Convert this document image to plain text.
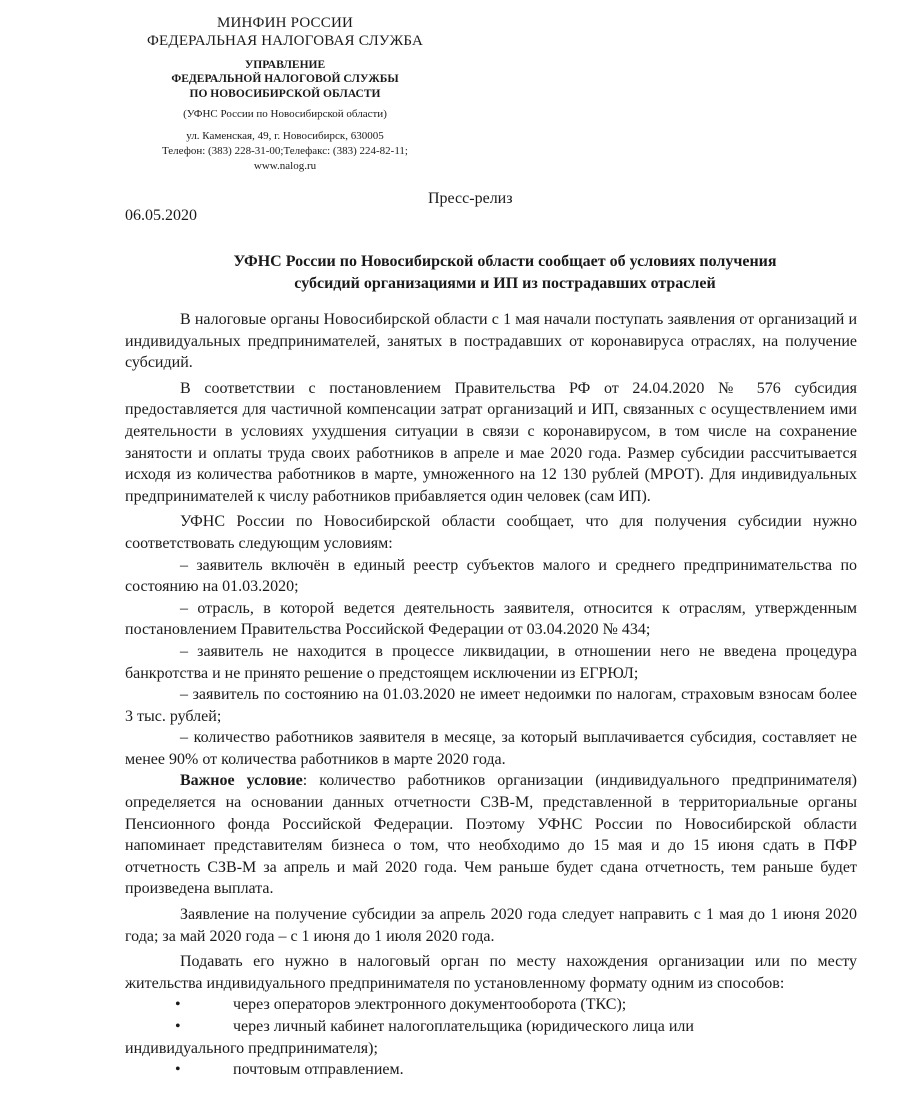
МИНФИН РОССИИ
ФЕДЕРАЛЬНАЯ НАЛОГОВАЯ СЛУЖБА
УПРАВЛЕНИЕ
ФЕДЕРАЛЬНОЙ НАЛОГОВОЙ СЛУЖБЫ
ПО НОВОСИБИРСКОЙ ОБЛАСТИ
(УФНС России по Новосибирской области)
ул. Каменская, 49, г. Новосибирск, 630005
Телефон: (383) 228-31-00;Телефакс: (383) 224-82-11;
www.nalog.ru
Пресс-релиз
06.05.2020
УФНС России по Новосибирской области сообщает об условиях получения
субсидий организациями и ИП из пострадавших отраслей

В налоговые органы Новосибирской области с 1 мая начали поступать заявления от организаций и индивидуальных предпринимателей, занятых в пострадавших от коронавируса отраслях, на получение субсидий.

В соответствии с постановлением Правительства РФ от 24.04.2020 № 576 субсидия предоставляется для частичной компенсации затрат организаций и ИП, связанных с осуществлением ими деятельности в условиях ухудшения ситуации в связи с коронавирусом, в том числе на сохранение занятости и оплаты труда своих работников в апреле и мае 2020 года. Размер субсидии рассчитывается исходя из количества работников в марте, умноженного на 12 130 рублей (МРОТ). Для индивидуальных предпринимателей к числу работников прибавляется один человек (сам ИП).

УФНС России по Новосибирской области сообщает, что для получения субсидии нужно соответствовать следующим условиям:

– заявитель включён в единый реестр субъектов малого и среднего предпринимательства по состоянию на 01.03.2020;

– отрасль, в которой ведется деятельность заявителя, относится к отраслям, утвержденным постановлением Правительства Российской Федерации от 03.04.2020 № 434;

– заявитель не находится в процессе ликвидации, в отношении него не введена процедура банкротства и не принято решение о предстоящем исключении из ЕГРЮЛ;

– заявитель по состоянию на 01.03.2020 не имеет недоимки по налогам, страховым взносам более 3 тыс. рублей;

– количество работников заявителя в месяце, за который выплачивается субсидия, составляет не менее 90% от количества работников в марте 2020 года.

Важное условие: количество работников организации (индивидуального предпринимателя) определяется на основании данных отчетности СЗВ-М, представленной в территориальные органы Пенсионного фонда Российской Федерации. Поэтому УФНС России по Новосибирской области напоминает представителям бизнеса о том, что необходимо до 15 мая и до 15 июня сдать в ПФР отчетность СЗВ-М за апрель и май 2020 года. Чем раньше будет сдана отчетность, тем раньше будет произведена выплата.

Заявление на получение субсидии за апрель 2020 года следует направить с 1 мая до 1 июня 2020 года; за май 2020 года – с 1 июня до 1 июля 2020 года.

Подавать его нужно в налоговый орган по месту нахождения организации или по месту жительства индивидуального предпринимателя по установленному формату одним из способов:

•	через операторов электронного документооборота (ТКС);
•	через личный кабинет налогоплательщика (юридического лица или
индивидуального предпринимателя);
•	почтовым отправлением.
